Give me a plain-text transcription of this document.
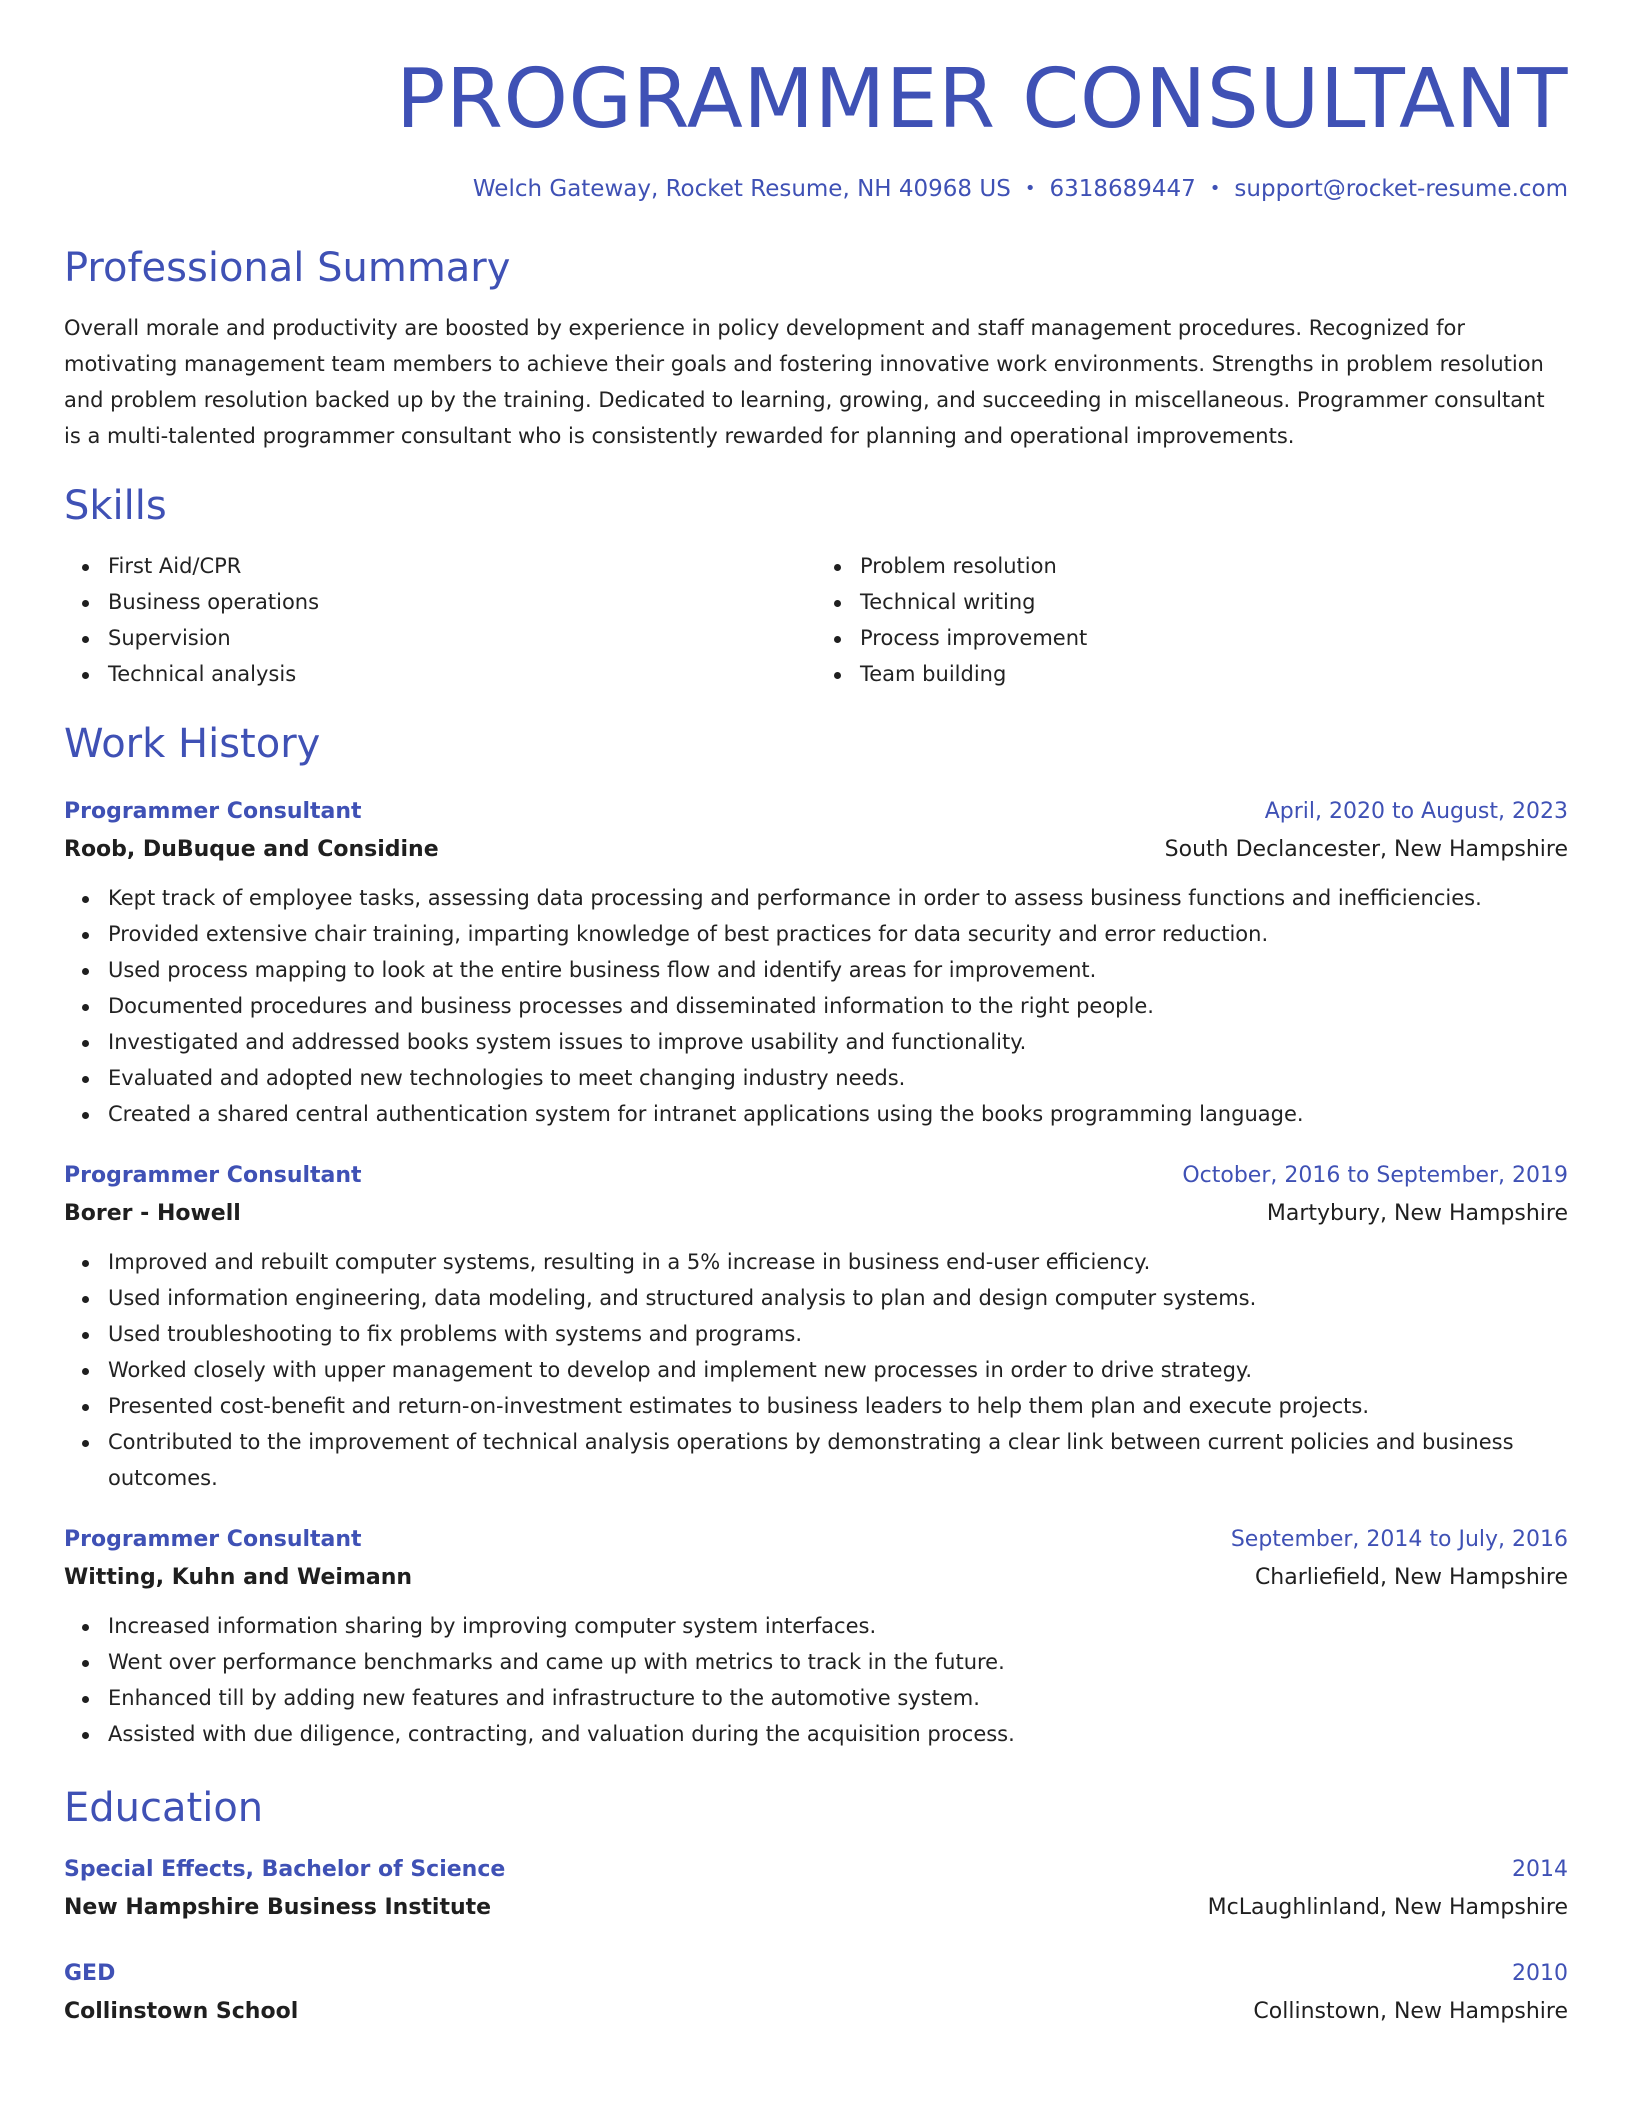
PROGRAMMER CONSULTANT
Welch Gateway, Rocket Resume, NH 40968 US • 6318689447 • support@rocket-resume.com
Professional Summary

Overall morale and productivity are boosted by experience in policy development and staff management procedures. Recognized for motivating management team members to achieve their goals and fostering innovative work environments. Strengths in problem resolution and problem resolution backed up by the training. Dedicated to learning, growing, and succeeding in miscellaneous. Programmer consultant is a multi-talented programmer consultant who is consistently rewarded for planning and operational improvements.

Skills
First Aid/CPR
Business operations
Supervision
Technical analysis
Problem resolution
Technical writing
Process improvement
Team building
Work History
Programmer Consultant	April, 2020 to August, 2023
Roob, DuBuque and Considine	South Declancester, New Hampshire
Kept track of employee tasks, assessing data processing and performance in order to assess business functions and inefficiencies.
Provided extensive chair training, imparting knowledge of best practices for data security and error reduction.
Used process mapping to look at the entire business flow and identify areas for improvement.
Documented procedures and business processes and disseminated information to the right people.
Investigated and addressed books system issues to improve usability and functionality.
Evaluated and adopted new technologies to meet changing industry needs.
Created a shared central authentication system for intranet applications using the books programming language.
Programmer Consultant	October, 2016 to September, 2019
Borer - Howell	Martybury, New Hampshire
Improved and rebuilt computer systems, resulting in a 5% increase in business end-user efficiency.
Used information engineering, data modeling, and structured analysis to plan and design computer systems.
Used troubleshooting to fix problems with systems and programs.
Worked closely with upper management to develop and implement new processes in order to drive strategy.
Presented cost-benefit and return-on-investment estimates to business leaders to help them plan and execute projects.
Contributed to the improvement of technical analysis operations by demonstrating a clear link between current policies and business outcomes.
Programmer Consultant	September, 2014 to July, 2016
Witting, Kuhn and Weimann	Charliefield, New Hampshire
Increased information sharing by improving computer system interfaces.
Went over performance benchmarks and came up with metrics to track in the future.
Enhanced till by adding new features and infrastructure to the automotive system.
Assisted with due diligence, contracting, and valuation during the acquisition process.
Education
Special Effects, Bachelor of Science	2014
New Hampshire Business Institute	McLaughlinland, New Hampshire
GED	2010
Collinstown School	Collinstown, New Hampshire
